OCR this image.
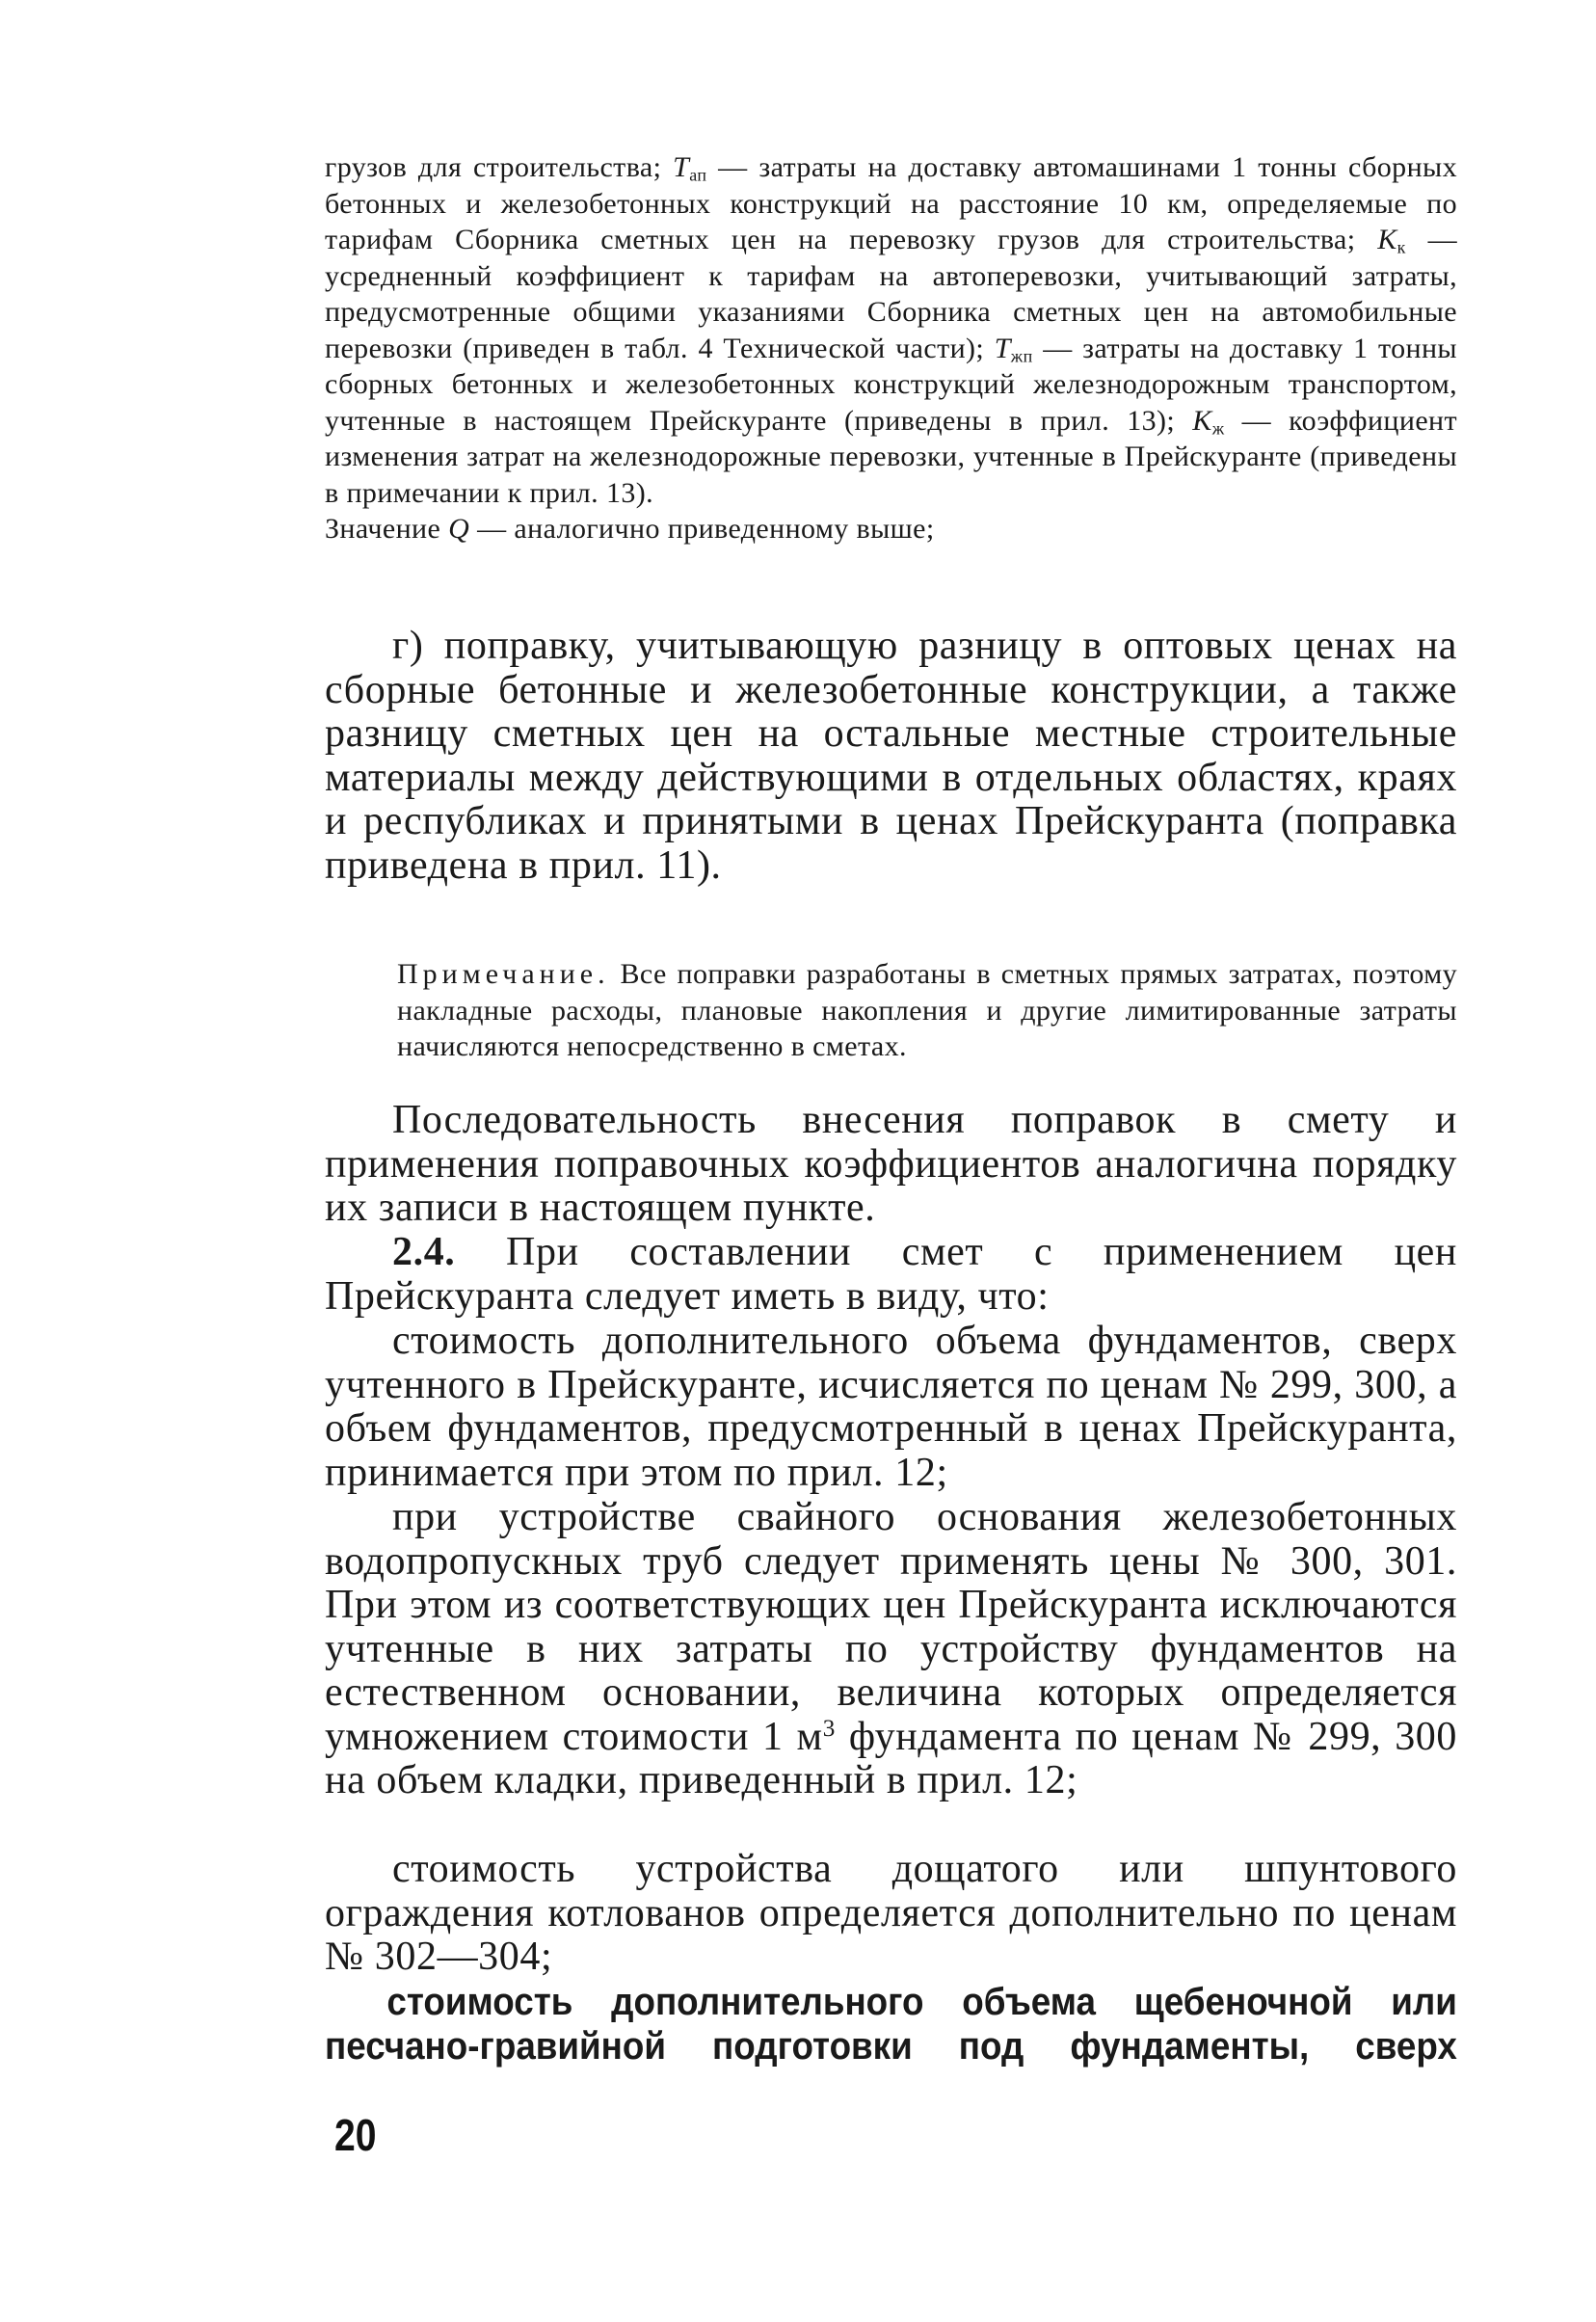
грузов для строительства; $T_{ап}$ — затраты на доставку автомашинами 1 тонны сборных бетонных и железобетонных конструкций на расстояние 10 км, определяемые по тарифам Сборника сметных цен на перевозку грузов для строительства; $K_к$ — усредненный коэффициент к тарифам на автоперевозки, учитывающий затраты, предусмотренные общими указаниями Сборника сметных цен на автомобильные перевозки (приведен в табл. 4 Технической части); $T_{жп}$ — затраты на доставку 1 тонны сборных бетонных и железобетонных конструкций железнодорожным транспортом, учтенные в настоящем Прейскуранте (приведены в прил. 13); $K_ж$ — коэффициент изменения затрат на железнодорожные перевозки, учтенные в Прейскуранте (приведены в примечании к прил. 13).

Значение Q — аналогично приведенному выше;

г) поправку, учитывающую разницу в оптовых ценах на сборные бетонные и железобетонные конструкции, а также разницу сметных цен на остальные местные строительные материалы между действующими в отдельных областях, краях и республиках и принятыми в ценах Прейскуранта (поправка приведена в прил. 11).

Примечание. Все поправки разработаны в сметных прямых затратах, поэтому накладные расходы, плановые накопления и другие лимитированные затраты начисляются непосредственно в сметах.

Последовательность внесения поправок в смету и применения поправочных коэффициентов аналогична порядку их записи в настоящем пункте.

2.4. При составлении смет с применением цен Прейскуранта следует иметь в виду, что:

стоимость дополнительного объема фундаментов, сверх учтенного в Прейскуранте, исчисляется по ценам № 299, 300, а объем фундаментов, предусмотренный в ценах Прейскуранта, принимается при этом по прил. 12;

при устройстве свайного основания железобетонных водопропускных труб следует применять цены № 300, 301. При этом из соответствующих цен Прейскуранта исключаются учтенные в них затраты по устройству фундаментов на естественном основании, величина которых определяется умножением стоимости 1 $м^3$ фундамента по ценам № 299, 300 на объем кладки, приведенный в прил. 12;

стоимость устройства дощатого или шпунтового ограждения котлованов определяется дополнительно по ценам № 302—304;

стоимость дополнительного объема щебеночной или песчано-гравийной подготовки под фундаменты, сверх

20
